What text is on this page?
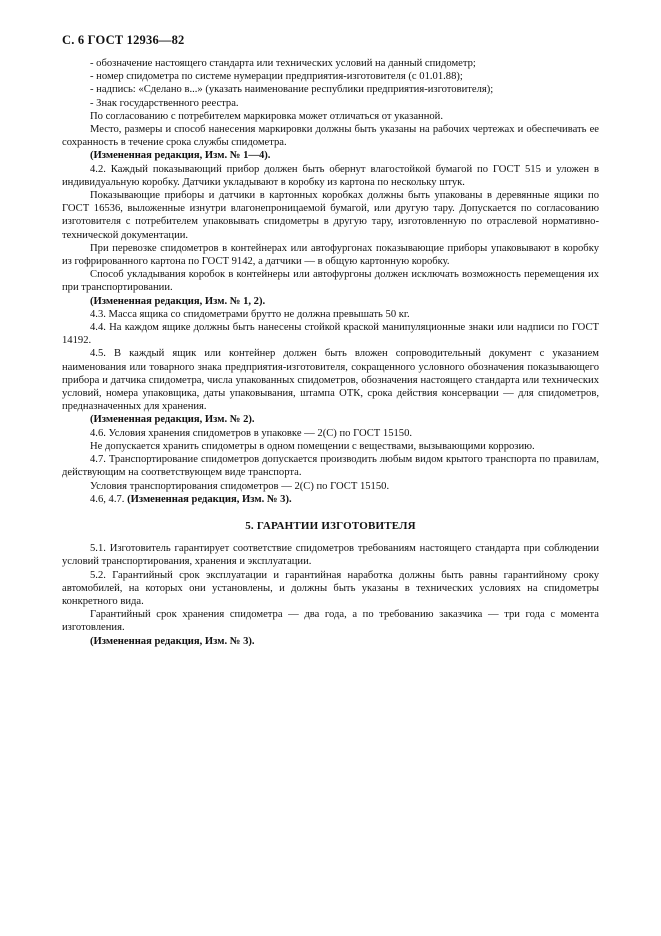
С. 6 ГОСТ 12936—82

- обозначение настоящего стандарта или технических условий на данный спидометр;

- номер спидометра по системе нумерации предприятия-изготовителя (с 01.01.88);

- надпись: «Сделано в...» (указать наименование республики предприятия-изготовителя);

- Знак государственного реестра.

По согласованию с потребителем маркировка может отличаться от указанной.

Место, размеры и способ нанесения маркировки должны быть указаны на рабочих чертежах и обеспечивать ее сохранность в течение срока службы спидометра.

(Измененная редакция, Изм. № 1—4).

4.2. Каждый показывающий прибор должен быть обернут влагостойкой бумагой по ГОСТ 515 и уложен в индивидуальную коробку. Датчики укладывают в коробку из картона по нескольку штук.

Показывающие приборы и датчики в картонных коробках должны быть упакованы в деревянные ящики по ГОСТ 16536, выложенные изнутри влагонепроницаемой бумагой, или другую тару. Допускается по согласованию изготовителя с потребителем упаковывать спидометры в другую тару, изготовленную по отраслевой нормативно-технической документации.

При перевозке спидометров в контейнерах или автофургонах показывающие приборы упаковывают в коробку из гофрированного картона по ГОСТ 9142, а датчики — в общую картонную коробку.

Способ укладывания коробок в контейнеры или автофургоны должен исключать возможность перемещения их при транспортировании.

(Измененная редакция, Изм. № 1, 2).

4.3. Масса ящика со спидометрами брутто не должна превышать 50 кг.

4.4. На каждом ящике должны быть нанесены стойкой краской манипуляционные знаки или надписи по ГОСТ 14192.

4.5. В каждый ящик или контейнер должен быть вложен сопроводительный документ с указанием наименования или товарного знака предприятия-изготовителя, сокращенного условного обозначения показывающего прибора и датчика спидометра, числа упакованных спидометров, обозначения настоящего стандарта или технических условий, номера упаковщика, даты упаковывания, штампа ОТК, срока действия консервации — для спидометров, предназначенных для хранения.

(Измененная редакция, Изм. № 2).

4.6. Условия хранения спидометров в упаковке — 2(С) по ГОСТ 15150.

Не допускается хранить спидометры в одном помещении с веществами, вызывающими коррозию.

4.7. Транспортирование спидометров допускается производить любым видом крытого транспорта по правилам, действующим на соответствующем виде транспорта.

Условия транспортирования спидометров — 2(С) по ГОСТ 15150.

4.6, 4.7. (Измененная редакция, Изм. № 3).

5. ГАРАНТИИ ИЗГОТОВИТЕЛЯ

5.1. Изготовитель гарантирует соответствие спидометров требованиям настоящего стандарта при соблюдении условий транспортирования, хранения и эксплуатации.

5.2. Гарантийный срок эксплуатации и гарантийная наработка должны быть равны гарантийному сроку автомобилей, на которых они установлены, и должны быть указаны в технических условиях на спидометры конкретного вида.

Гарантийный срок хранения спидометра — два года, а по требованию заказчика — три года с момента изготовления.

(Измененная редакция, Изм. № 3).
